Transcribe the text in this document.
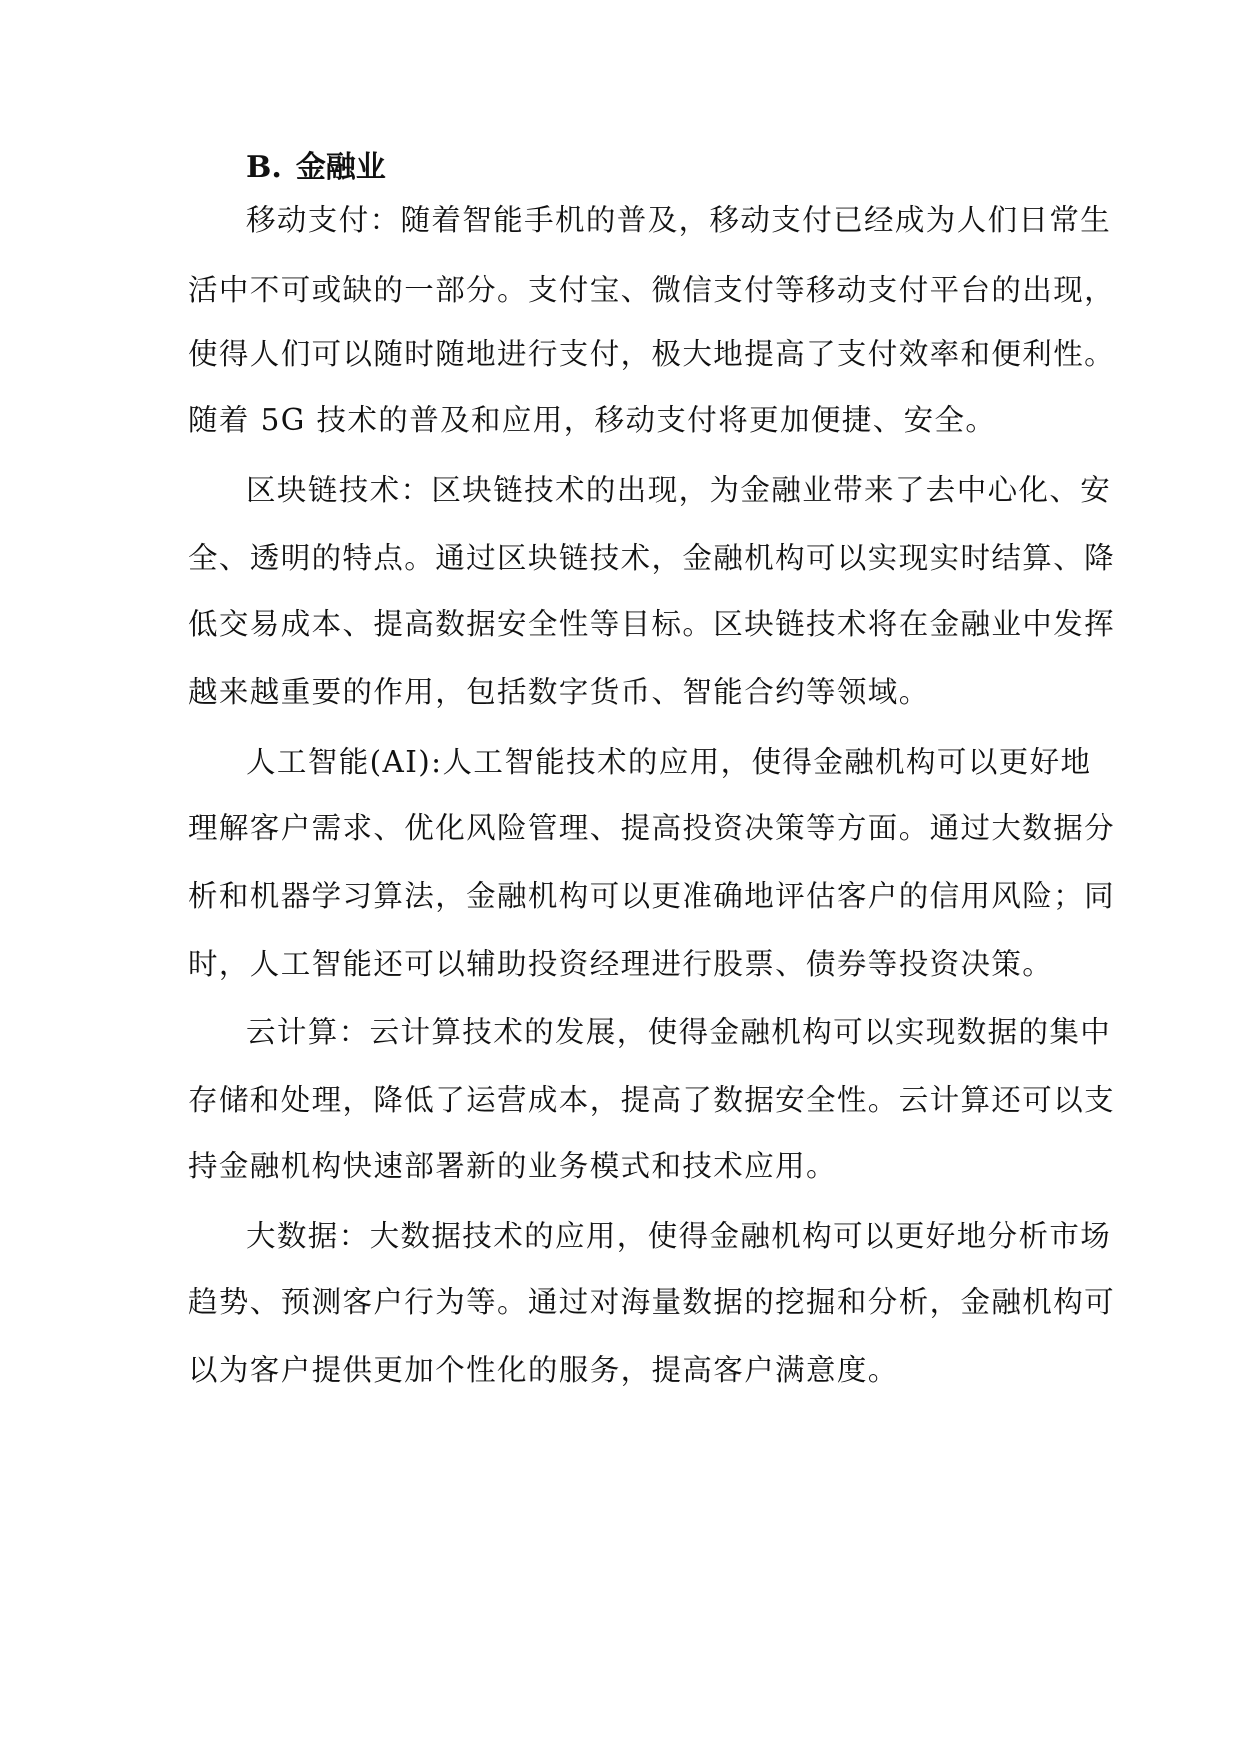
B. 金融业
移动支付：随着智能手机的普及，移动支付已经成为人们日常生
活中不可或缺的一部分。支付宝、微信支付等移动支付平台的出现，
使得人们可以随时随地进行支付，极大地提高了支付效率和便利性。
随着 5G 技术的普及和应用，移动支付将更加便捷、安全。
区块链技术：区块链技术的出现，为金融业带来了去中心化、安
全、透明的特点。通过区块链技术，金融机构可以实现实时结算、降
低交易成本、提高数据安全性等目标。区块链技术将在金融业中发挥
越来越重要的作用，包括数字货币、智能合约等领域。
人工智能(AI):人工智能技术的应用，使得金融机构可以更好地
理解客户需求、优化风险管理、提高投资决策等方面。通过大数据分
析和机器学习算法，金融机构可以更准确地评估客户的信用风险；同
时，人工智能还可以辅助投资经理进行股票、债券等投资决策。
云计算：云计算技术的发展，使得金融机构可以实现数据的集中
存储和处理，降低了运营成本，提高了数据安全性。云计算还可以支
持金融机构快速部署新的业务模式和技术应用。
大数据：大数据技术的应用，使得金融机构可以更好地分析市场
趋势、预测客户行为等。通过对海量数据的挖掘和分析，金融机构可
以为客户提供更加个性化的服务，提高客户满意度。
